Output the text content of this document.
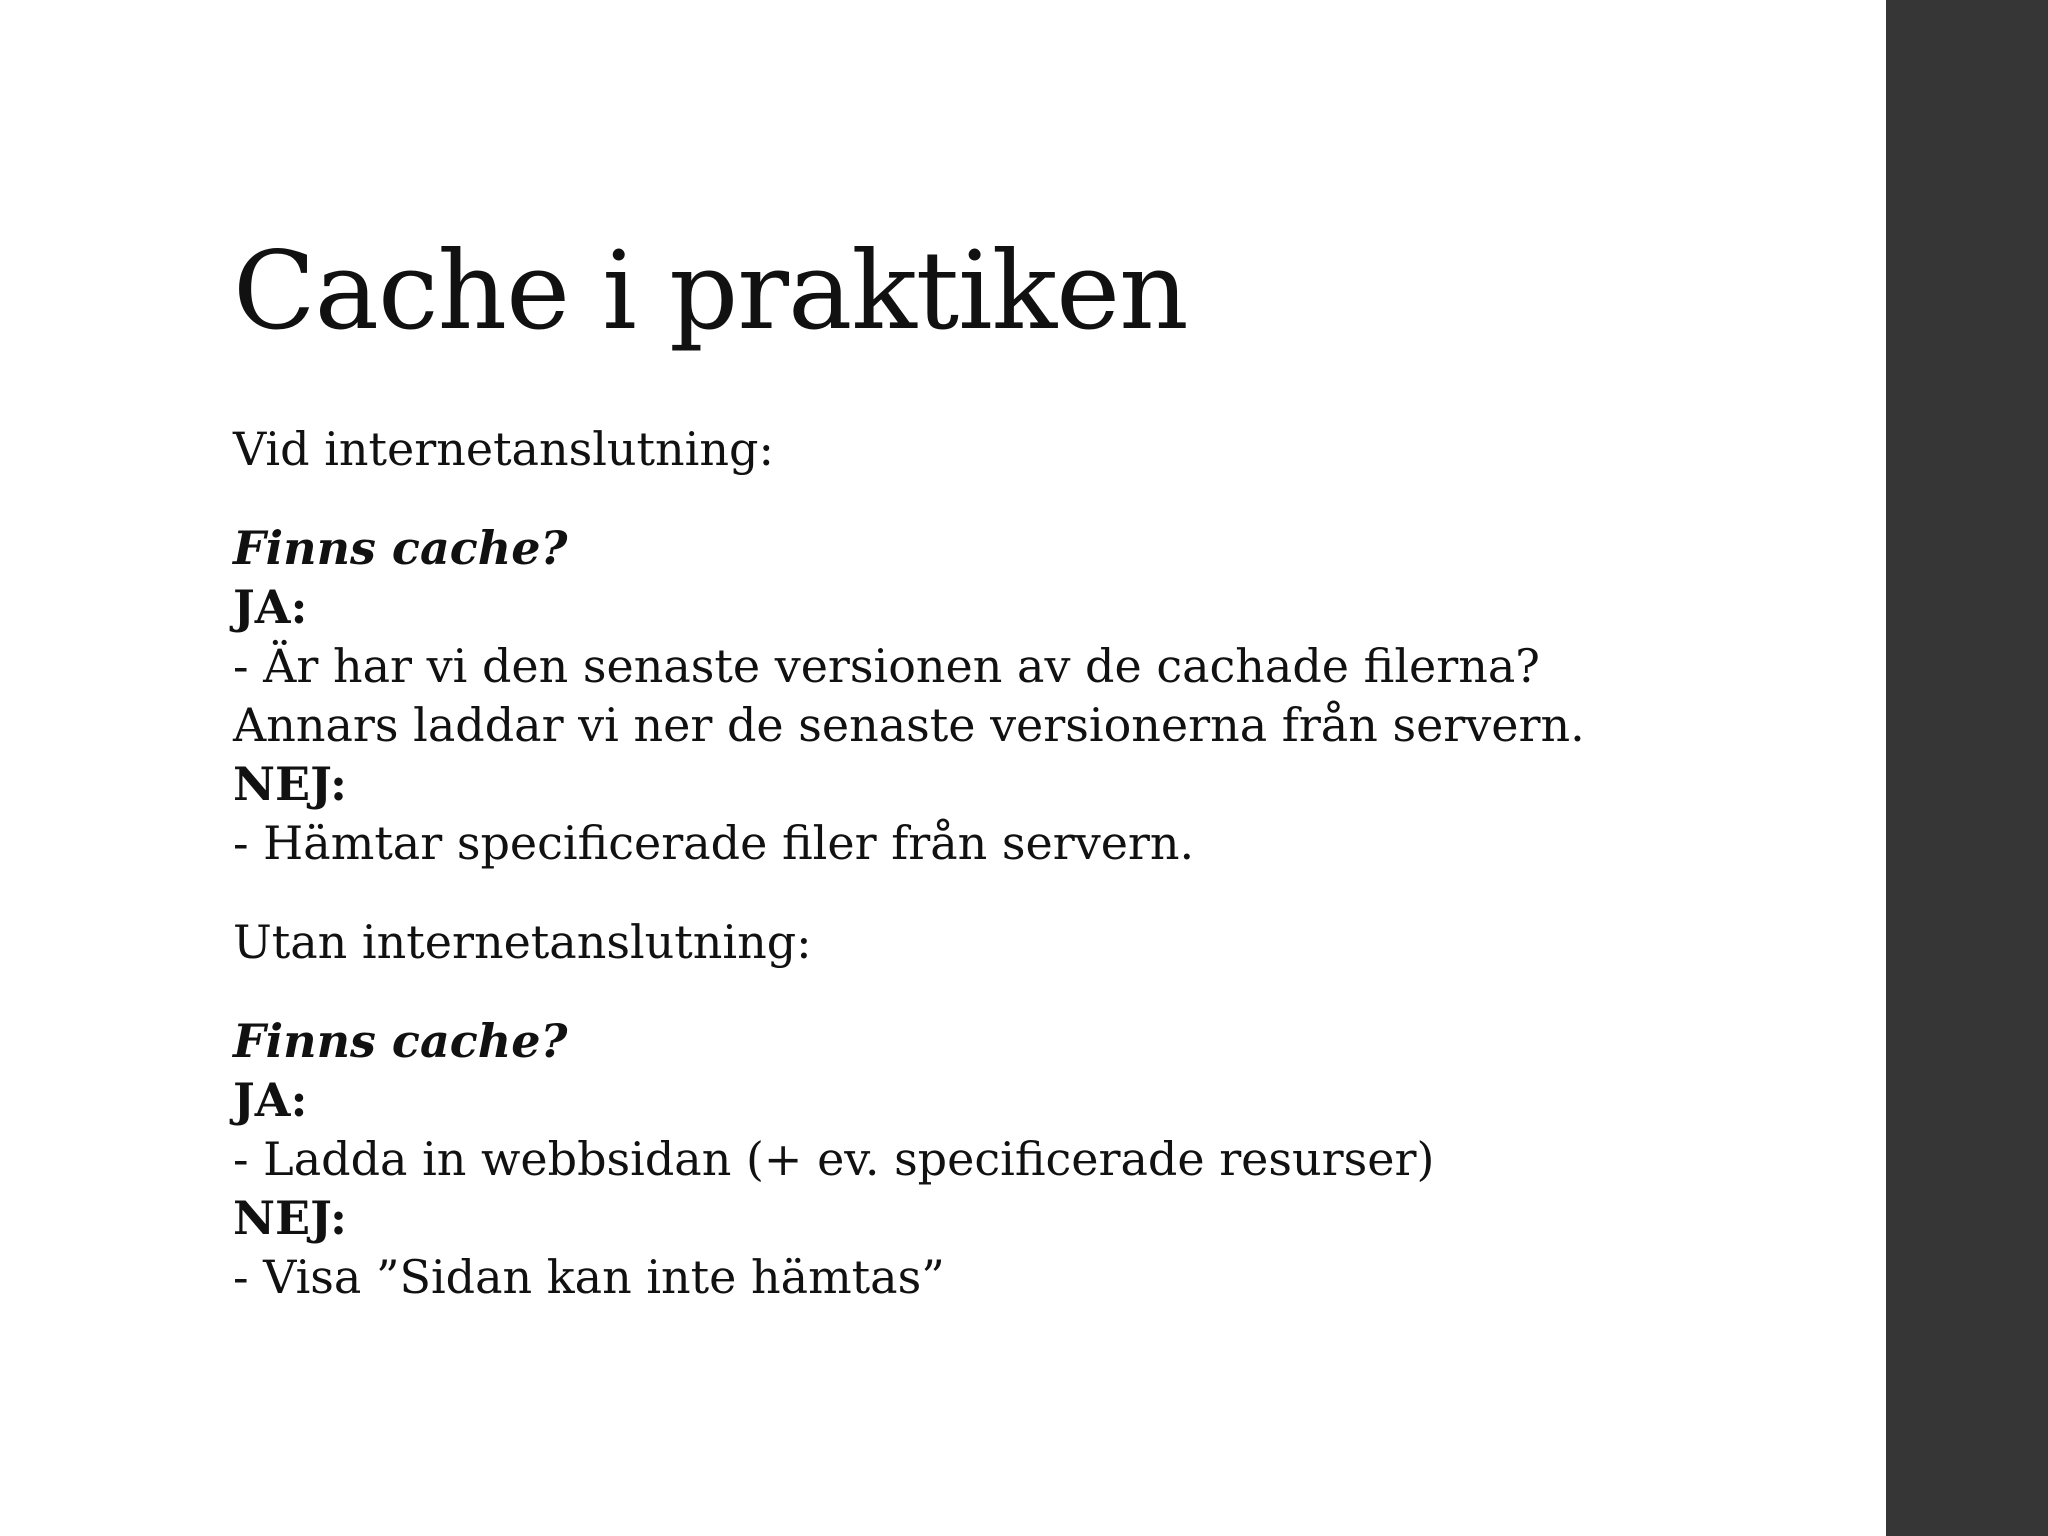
Cache i praktiken
Vid internetanslutning:
Finns cache?
JA:
- Är har vi den senaste versionen av de cachade filerna?
Annars laddar vi ner de senaste versionerna från servern.
NEJ:
- Hämtar specificerade filer från servern.
Utan internetanslutning:
Finns cache?
JA:
- Ladda in webbsidan (+ ev. specificerade resurser)
NEJ:
- Visa ”Sidan kan inte hämtas”
